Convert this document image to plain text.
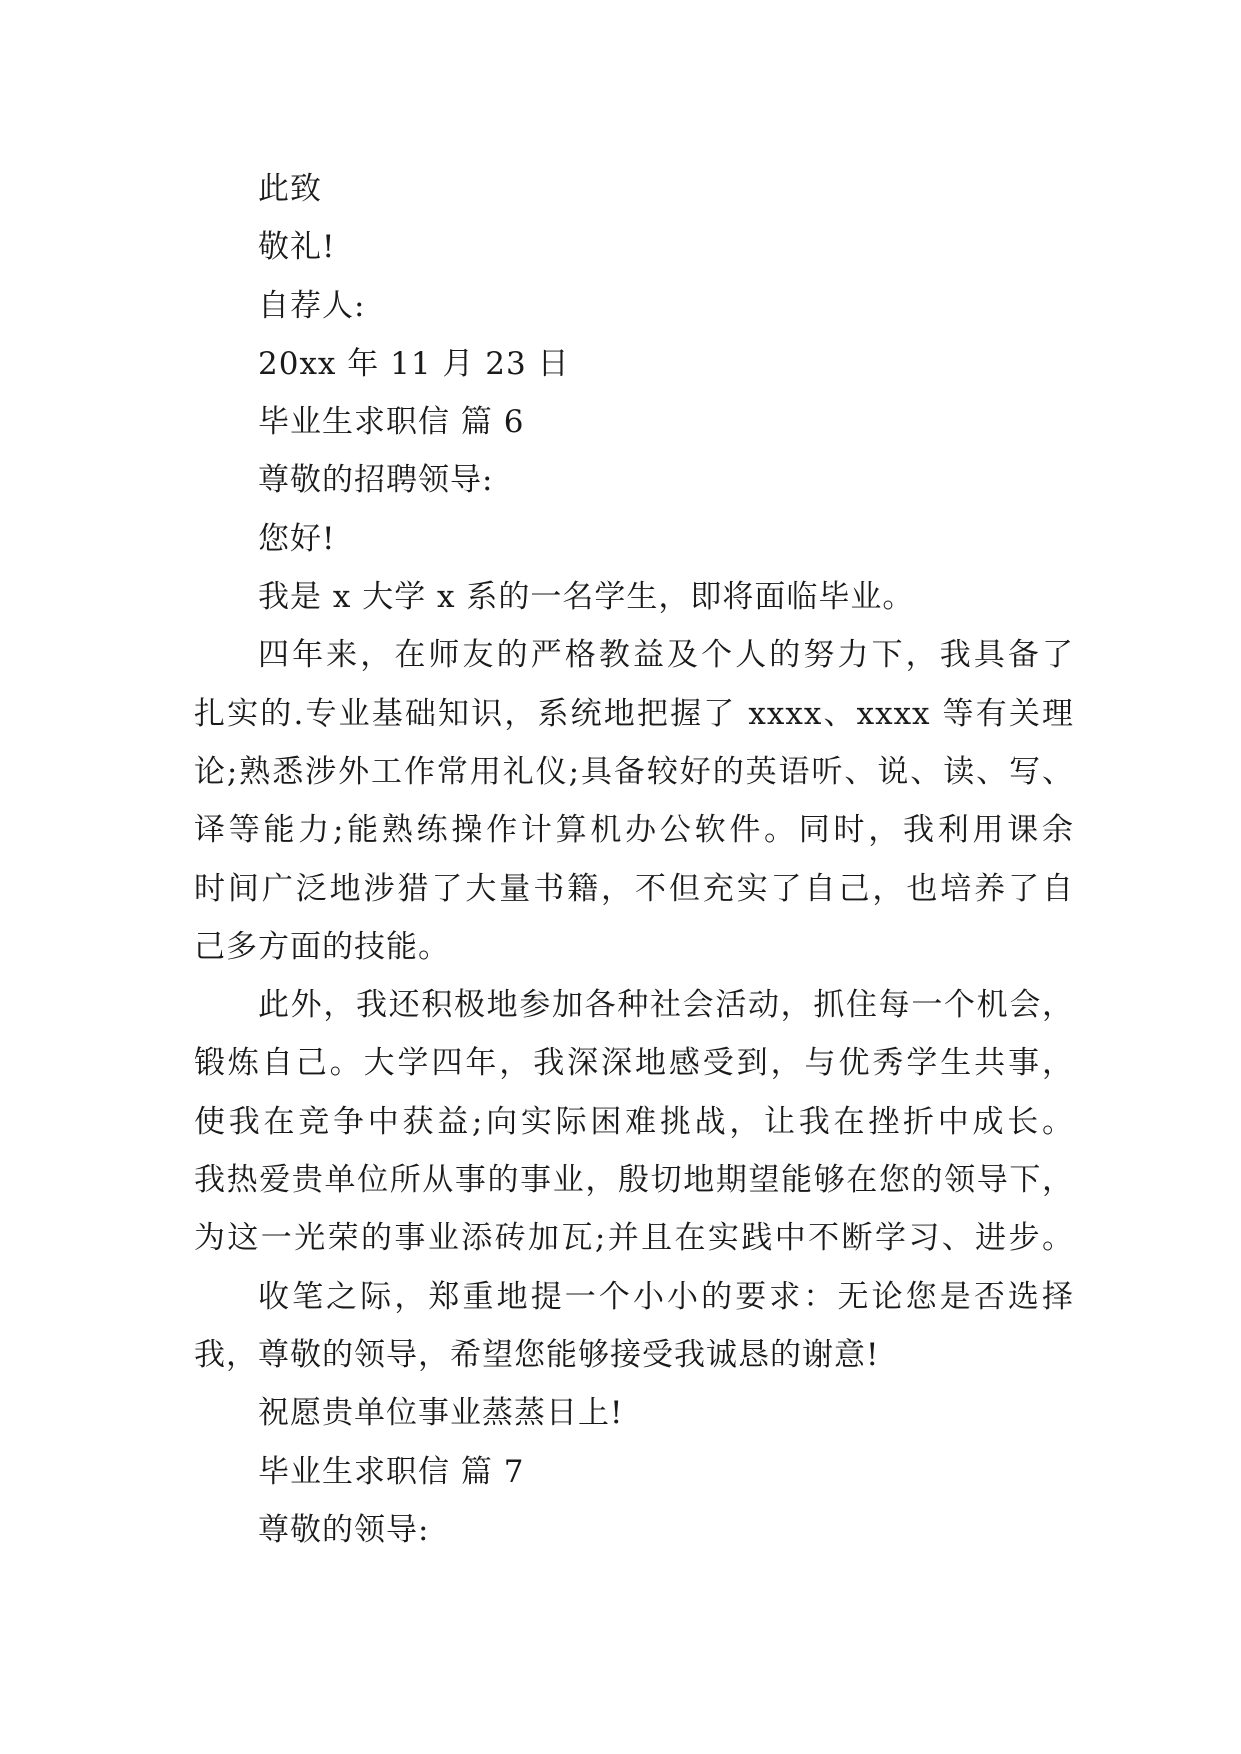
此致

敬礼!

自荐人:

20xx 年 11 月 23 日

毕业生求职信 篇 6

尊敬的招聘领导:

您好!

我是 x 大学 x 系的一名学生，即将面临毕业。

四年来，在师友的严格教益及个人的努力下，我具备了

扎实的.专业基础知识，系统地把握了 xxxx、xxxx 等有关理

论;熟悉涉外工作常用礼仪;具备较好的英语听、说、读、写、

译等能力;能熟练操作计算机办公软件。同时，我利用课余

时间广泛地涉猎了大量书籍，不但充实了自己，也培养了自

己多方面的技能。

此外，我还积极地参加各种社会活动，抓住每一个机会，

锻炼自己。大学四年，我深深地感受到，与优秀学生共事，

使我在竞争中获益;向实际困难挑战，让我在挫折中成长。

我热爱贵单位所从事的事业，殷切地期望能够在您的领导下，

为这一光荣的事业添砖加瓦;并且在实践中不断学习、进步。

收笔之际，郑重地提一个小小的要求：无论您是否选择

我，尊敬的领导，希望您能够接受我诚恳的谢意!

祝愿贵单位事业蒸蒸日上!

毕业生求职信 篇 7

尊敬的领导:
